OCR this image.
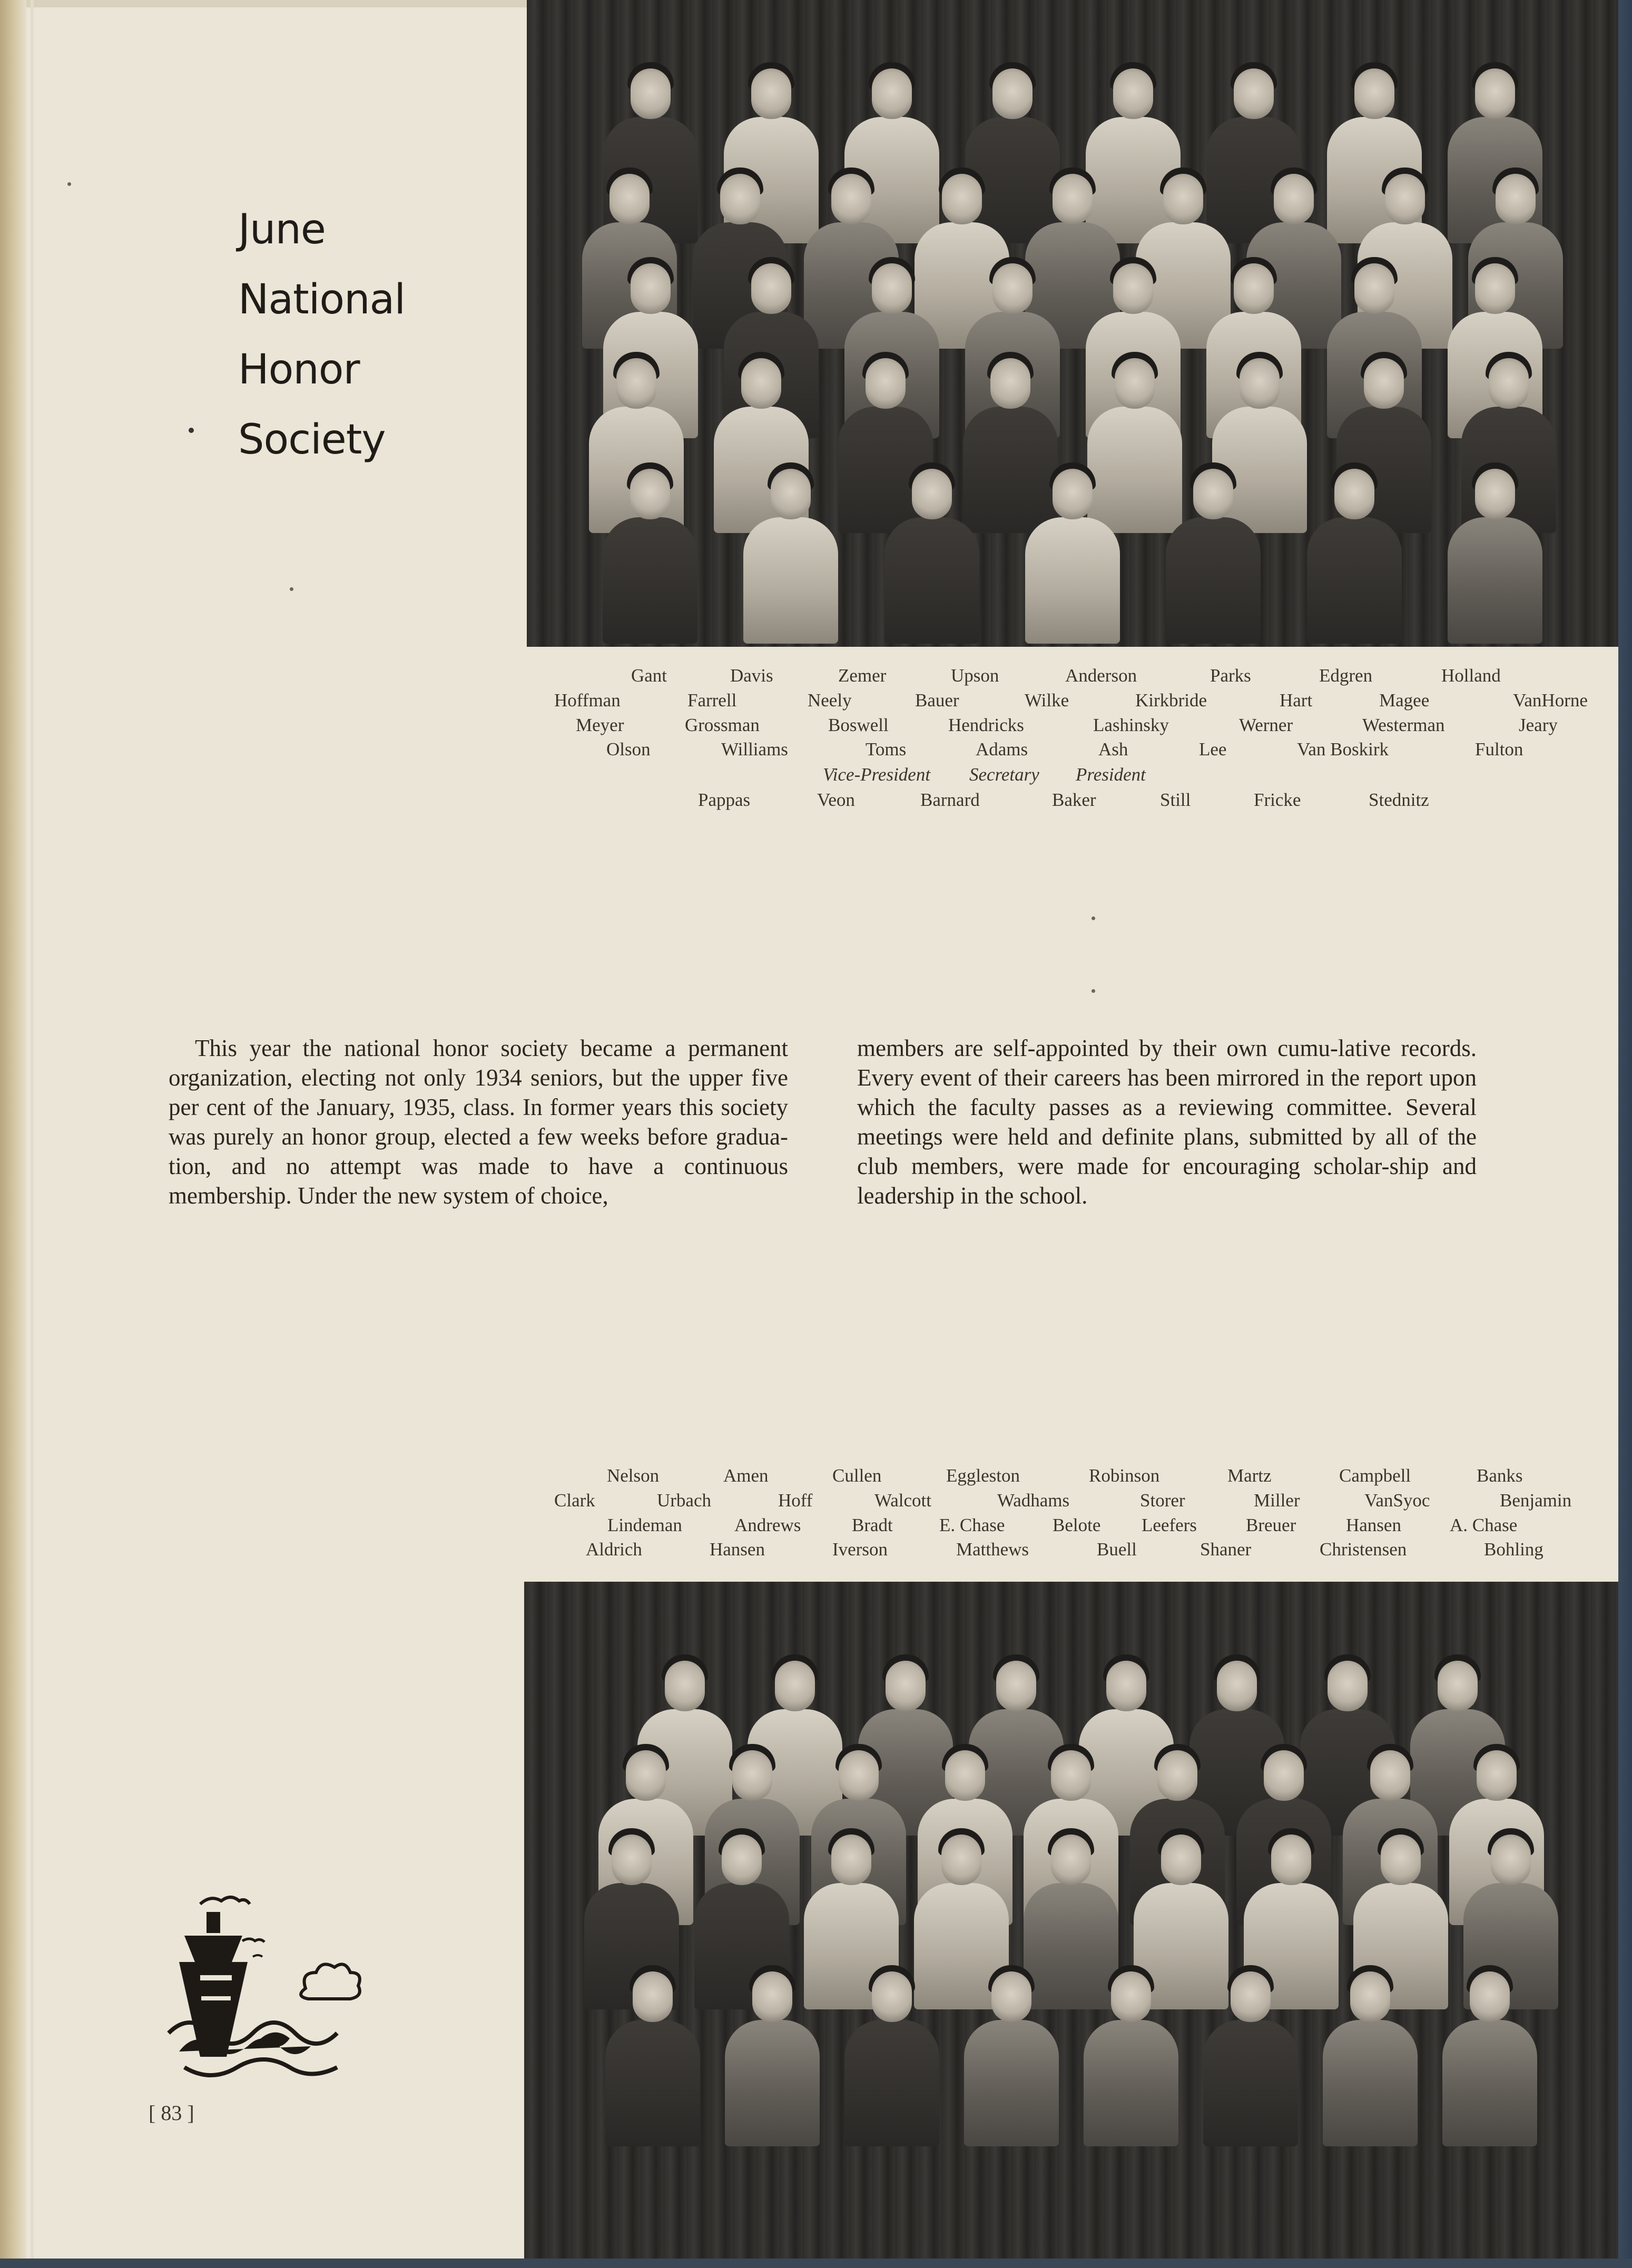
June
National
Honor
Society
Gant	Davis	Zemer	Upson	Anderson	Parks	Edgren	Holland
Hoffman	Farrell	Neely	Bauer	Wilke	Kirkbride	Hart	Magee	VanHorne
Meyer	Grossman	Boswell	Hendricks	Lashinsky	Werner	Westerman	Jeary
Olson	Williams	Toms	Adams	Ash	Lee	Van Boskirk	Fulton
Vice-President Secretary President
Pappas	Veon	Barnard	Baker	Still	Fricke	Stednitz

This year the national honor society became a permanent organization, electing not only 1934 seniors, but the upper five per cent of the January, 1935, class. In former years this society was purely an honor group, elected a few weeks before gradua-tion, and no attempt was made to have a continuous membership. Under the new system of choice,

members are self-appointed by their own cumu-lative records. Every event of their careers has been mirrored in the report upon which the faculty passes as a reviewing committee. Several meetings were held and definite plans, submitted by all of the club members, were made for encouraging scholar-ship and leadership in the school.

Nelson	Amen	Cullen	Eggleston	Robinson	Martz	Campbell	Banks
Clark	Urbach	Hoff	Walcott	Wadhams	Storer	Miller	VanSyoc	Benjamin
Lindeman	Andrews	Bradt	E. Chase	Belote Leefers	Breuer	Hansen	A. Chase
Aldrich	Hansen	Iverson	Matthews	Buell	Shaner	Christensen	Bohling
[ 83 ]
